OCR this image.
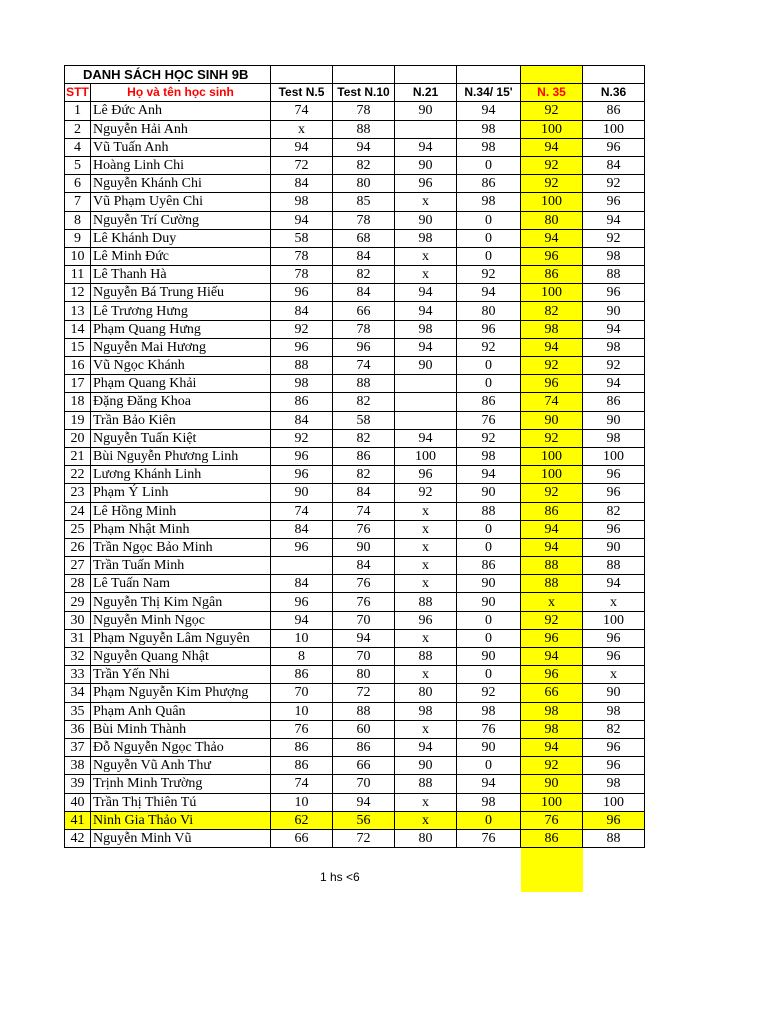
DANH SÁCH HỌC SINH 9B							
STT	Họ và tên học sinh	Test N.5	Test N.10	N.21	N.34/ 15'	N. 35	N.36
1	Lê Đức Anh	74	78	90	94	92	86
2	Nguyễn Hải Anh	x	88		98	100	100
4	Vũ Tuấn Anh	94	94	94	98	94	96
5	Hoàng Linh Chi	72	82	90	0	92	84
6	Nguyễn Khánh Chi	84	80	96	86	92	92
7	Vũ Phạm Uyên Chi	98	85	x	98	100	96
8	Nguyễn Trí Cường	94	78	90	0	80	94
9	Lê Khánh Duy	58	68	98	0	94	92
10	Lê Minh Đức	78	84	x	0	96	98
11	Lê Thanh Hà	78	82	x	92	86	88
12	Nguyễn Bá Trung Hiếu	96	84	94	94	100	96
13	Lê Trương Hưng	84	66	94	80	82	90
14	Phạm Quang Hưng	92	78	98	96	98	94
15	Nguyễn Mai Hương	96	96	94	92	94	98
16	Vũ Ngọc Khánh	88	74	90	0	92	92
17	Phạm Quang Khải	98	88		0	96	94
18	Đặng Đăng Khoa	86	82		86	74	86
19	Trần Bảo Kiên	84	58		76	90	90
20	Nguyễn Tuấn Kiệt	92	82	94	92	92	98
21	Bùi Nguyễn Phương Linh	96	86	100	98	100	100
22	Lương Khánh Linh	96	82	96	94	100	96
23	Phạm Ý Linh	90	84	92	90	92	96
24	Lê Hồng Minh	74	74	x	88	86	82
25	Phạm Nhật Minh	84	76	x	0	94	96
26	Trần Ngọc Bảo Minh	96	90	x	0	94	90
27	Trần Tuấn Minh		84	x	86	88	88
28	Lê Tuấn Nam	84	76	x	90	88	94
29	Nguyễn Thị Kim Ngân	96	76	88	90	x	x
30	Nguyễn Minh Ngọc	94	70	96	0	92	100
31	Phạm Nguyễn Lâm Nguyên	10	94	x	0	96	96
32	Nguyễn Quang Nhật	8	70	88	90	94	96
33	Trần Yến Nhi	86	80	x	0	96	x
34	Phạm Nguyễn Kim Phượng	70	72	80	92	66	90
35	Phạm Anh Quân	10	88	98	98	98	98
36	Bùi Minh Thành	76	60	x	76	98	82
37	Đỗ Nguyễn Ngọc Thảo	86	86	94	90	94	96
38	Nguyễn Vũ Anh Thư	86	66	90	0	92	96
39	Trịnh Minh Trường	74	70	88	94	90	98
40	Trần Thị Thiên Tú	10	94	x	98	100	100
41	Ninh Gia Thảo Vi	62	56	x	0	76	96
42	Nguyễn Minh Vũ	66	72	80	76	86	88

1 hs <6
